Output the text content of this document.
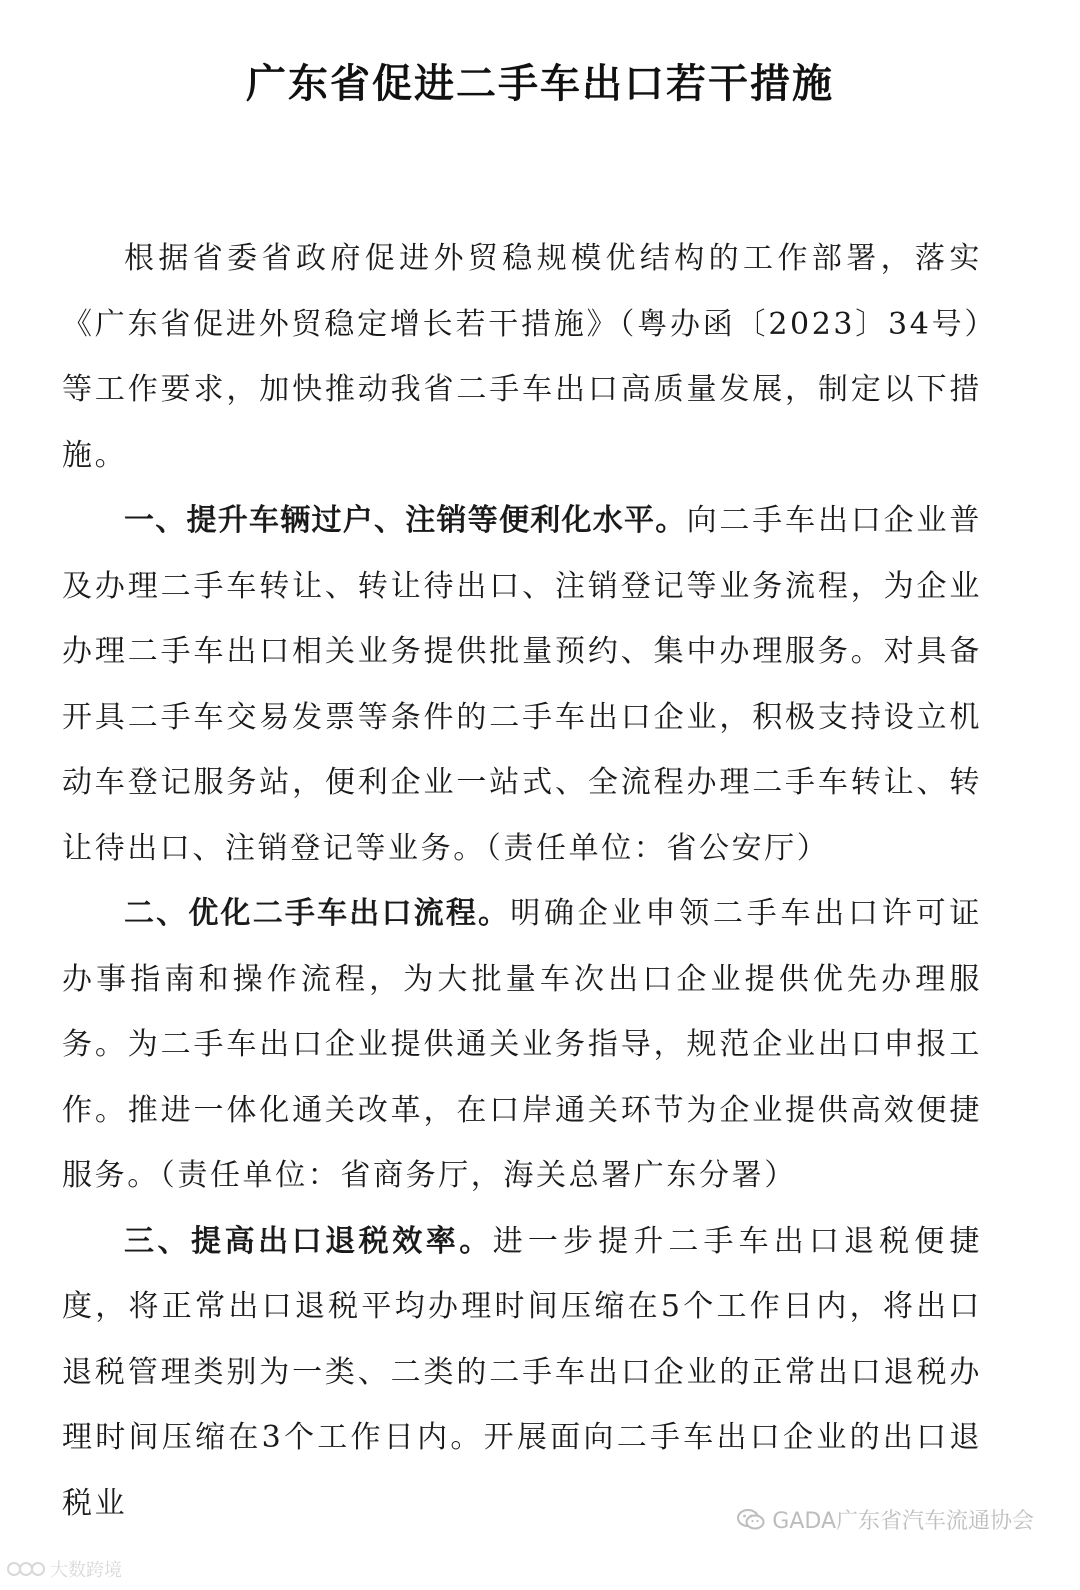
广东省促进二手车出口若干措施

根据省委省政府促进外贸稳规模优结构的工作部署，落实《广东省促进外贸稳定增长若干措施》（粤办函〔2023〕34号）等工作要求，加快推动我省二手车出口高质量发展，制定以下措施。

一、提升车辆过户、注销等便利化水平。向二手车出口企业普及办理二手车转让、转让待出口、注销登记等业务流程，为企业办理二手车出口相关业务提供批量预约、集中办理服务。对具备开具二手车交易发票等条件的二手车出口企业，积极支持设立机动车登记服务站，便利企业一站式、全流程办理二手车转让、转让待出口、注销登记等业务。（责任单位：省公安厅）

二、优化二手车出口流程。明确企业申领二手车出口许可证办事指南和操作流程，为大批量车次出口企业提供优先办理服务。为二手车出口企业提供通关业务指导，规范企业出口申报工作。推进一体化通关改革，在口岸通关环节为企业提供高效便捷服务。（责任单位：省商务厅，海关总署广东分署）

三、提高出口退税效率。进一步提升二手车出口退税便捷度，将正常出口退税平均办理时间压缩在5个工作日内，将出口退税管理类别为一类、二类的二手车出口企业的正常出口退税办理时间压缩在3个工作日内。开展面向二手车出口企业的出口退税业

GADA广东省汽车流通协会
大数跨境
